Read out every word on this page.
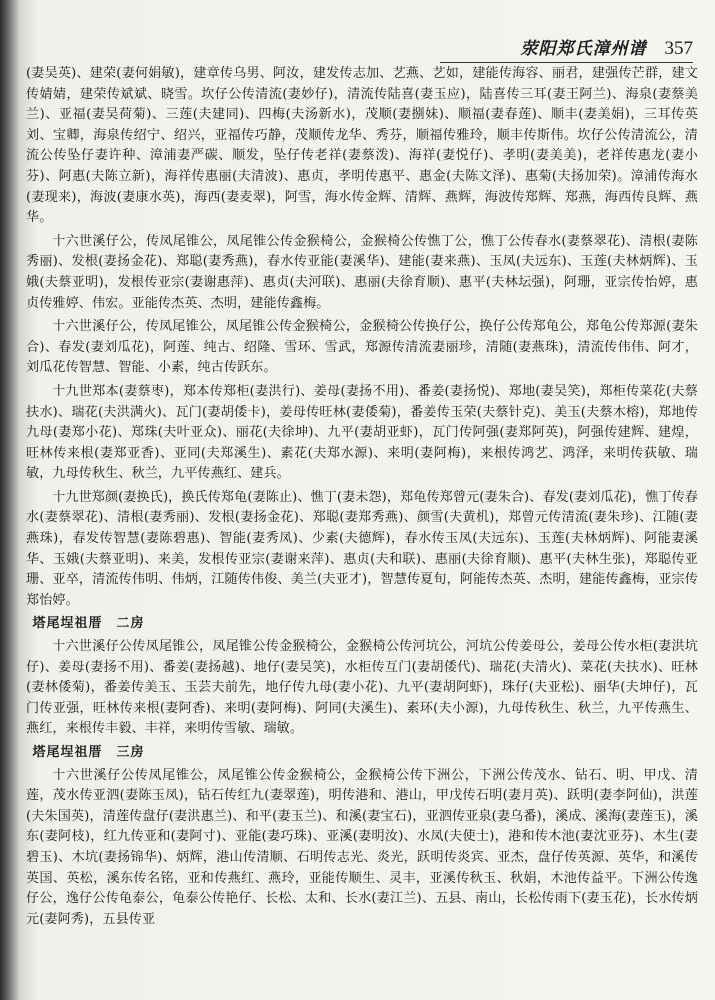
荥阳郑氏漳州谱 357

(妻吴英)、建荣(妻何娟敏)，建章传乌男、阿汝，建发传志加、艺燕、艺如，建能传海容、丽君，建强传芒群，建文传婧婧，建荣传斌斌、晓雪。坎仔公传清流(妻妙仔)，清流传陆喜(妻玉应)，陆喜传三耳(妻王阿兰)、海泉(妻蔡美兰)、亚福(妻吴荷菊)、三莲(夫建同)、四梅(夫汤新水)，茂顺(妻捌妹)、顺福(妻春莲)、顺丰(妻美娟)，三耳传英刘、宝卿，海泉传绍宁、绍兴，亚福传巧静，茂顺传龙华、秀芬，顺福传雅玲，顺丰传斯伟。坎仔公传清流公，清流公传坠仔妻许种、漳浦妻严碳、顺发，坠仔传老祥(妻蔡泼)、海祥(妻悦仔)、孝明(妻美美)，老祥传惠龙(妻小芬)、阿惠(夫陈立新)，海祥传惠丽(夫清波)、惠贞，孝明传惠平、惠金(夫陈文泽)、惠菊(夫扬加荣)。漳浦传海水(妻现来)，海波(妻康水英)，海西(妻麦翠)，阿雪，海水传金辉、清辉、燕辉，海波传郑辉、郑燕，海西传良辉、燕华。

十六世溪仔公，传凤尾锥公，凤尾锥公传金猴椅公，金猴椅公传憔丁公，憔丁公传春水(妻蔡翠花)、清根(妻陈秀丽)、发根(妻扬金花)、郑聪(妻秀燕)，春水传亚能(妻溪华)、建能(妻来燕)、玉凤(夫远东)、玉莲(夫林炳辉)、玉娥(夫蔡亚明)，发根传亚宗(妻谢惠萍)、惠贞(夫河联)、惠丽(夫徐育顺)、惠平(夫林坛强)，阿珊，亚宗传怡婷，惠贞传雅婷、伟宏。亚能传杰英、杰明，建能传鑫梅。

十六世溪仔公，传凤尾锥公，凤尾锥公传金猴椅公，金猴椅公传换仔公，换仔公传郑龟公，郑龟公传郑源(妻朱合)、春发(妻刘瓜花)，阿莲、纯古、绍隆、雪环、雪武，郑源传清流妻丽珍，清随(妻燕珠)，清流传伟伟、阿才，刘瓜花传智慧、智能、小素，纯古传跃东。

十九世郑本(妻蔡枣)，郑本传郑柜(妻洪行)、姜母(妻扬不用)、番姜(妻扬悦)、郑地(妻吴笑)，郑柜传菜花(夫蔡扶水)、瑞花(夫洪满火)、瓦门(妻胡倭卡)，姜母传旺林(妻倭菊)，番姜传玉荣(夫蔡针克)、美玉(夫蔡木榕)，郑地传九母(妻郑小花)、郑珠(夫叶亚众)、丽花(夫徐坤)、九平(妻胡亚虾)，瓦门传阿强(妻郑阿英)，阿强传建辉、建煌，旺林传来根(妻郑亚香)、亚同(夫郑溪生)、素花(夫郑水源)、来明(妻阿梅)，来根传鸿艺、鸿泽，来明传荻敏、瑞敏，九母传秋生、秋兰，九平传燕红、建兵。

十九世郑颜(妻换氏)，换氏传郑龟(妻陈止)、憔丁(妻未怨)，郑龟传郑曾元(妻朱合)、春发(妻刘瓜花)，憔丁传春水(妻蔡翠花)、清根(妻秀丽)、发根(妻扬金花)、郑聪(妻郑秀燕)、颜雪(夫黄机)，郑曾元传清流(妻朱珍)、江随(妻燕珠)，春发传智慧(妻陈碧惠)、智能(妻秀凤)、少素(夫德辉)，春水传玉凤(夫远东)、玉莲(夫林炳辉)、阿能妻溪华、玉娥(夫蔡亚明)、来美，发根传亚宗(妻谢来萍)、惠贞(夫和联)、惠丽(夫徐育顺)、惠平(夫林生张)，郑聪传亚珊、亚卒，清流传伟明、伟炳，江随传伟俊、美兰(夫亚才)，智慧传夏旬，阿能传杰英、杰明，建能传鑫梅，亚宗传郑怡婷。

塔尾埕祖厝 二房

十六世溪仔公传凤尾锥公，凤尾锥公传金猴椅公，金猴椅公传河坑公，河坑公传姜母公，姜母公传水柜(妻洪坑仔)、姜母(妻扬不用)、番姜(妻扬越)、地仔(妻吴笑)，水柜传互门(妻胡倭代)、瑞花(夫清火)、菜花(夫扶水)、旺林(妻林倭菊)，番姜传美玉、玉芸夫前先，地仔传九母(妻小花)、九平(妻胡阿虾)，珠仔(夫亚松)、丽华(夫坤仔)，瓦门传亚强，旺林传来根(妻阿香)、来明(妻阿梅)、阿同(夫溪生)、素环(夫小源)，九母传秋生、秋兰，九平传燕生、燕红，来根传丰毅、丰祥，来明传雪敏、瑞敏。

塔尾埕祖厝 三房

十六世溪仔公传凤尾锥公，凤尾锥公传金猴椅公，金猴椅公传下洲公，下洲公传茂水、钻石、明、甲戊、清莲，茂水传亚泗(妻陈玉凤)，钻石传红九(妻翠莲)，明传港和、港山，甲戊传石明(妻月英)、跃明(妻李阿仙)，洪莲(夫朱国英)，清莲传盘仔(妻洪惠兰)、和平(妻玉兰)、和溪(妻宝石)，亚泗传亚泉(妻乌番)，溪成、溪海(妻莲玉)，溪东(妻阿枝)，红九传亚和(妻阿寸)、亚能(妻巧珠)、亚溪(妻明汝)、水凤(夫使士)，港和传木池(妻沈亚芬)、木生(妻碧玉)、木坑(妻扬锦华)、炳辉，港山传清顺、石明传志光、炎光，跃明传炎宾、亚杰，盘仔传英源、英华，和溪传英国、英松，溪东传名铭，亚和传燕红、燕玲，亚能传顺生、灵丰，亚溪传秋玉、秋娟，木池传益平。下洲公传逸仔公，逸仔公传龟泰公，龟泰公传艳仔、长松、太和、长水(妻江兰)、五县、南山，长松传雨下(妻玉花)，长水传炳元(妻阿秀)，五县传亚
